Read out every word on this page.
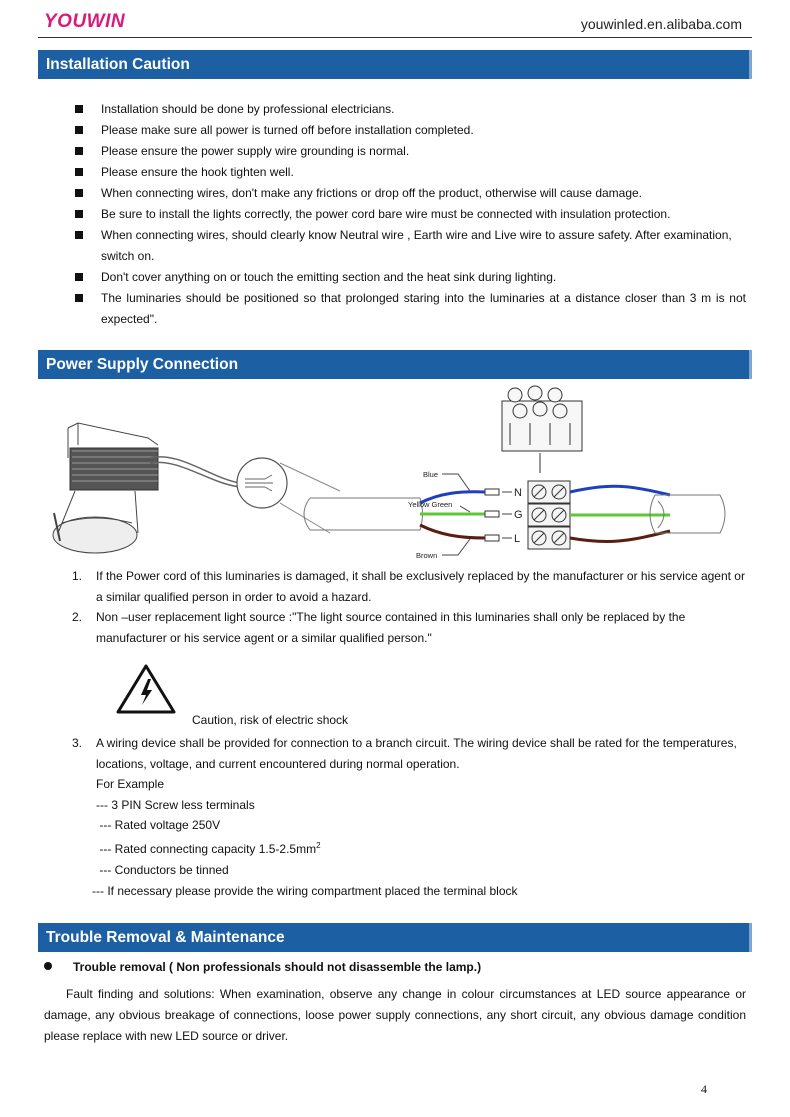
YOUWIN	youwinled.en.alibaba.com
Installation Caution
Installation should be done by professional electricians.
Please make sure all power is turned off before installation completed.
Please ensure the power supply wire grounding is normal.
Please ensure the hook tighten well.
When connecting wires, don't make any frictions or drop off the product, otherwise will cause damage.
Be sure to install the lights correctly, the power cord bare wire must be connected with insulation protection.
When connecting wires, should clearly know Neutral wire , Earth wire and Live wire to assure safety. After examination, switch on.
Don't cover anything on or touch the emitting section and the heat sink during lighting.
The luminaries should be positioned so that prolonged staring into the luminaries at a distance closer than 3 m is not expected".
Power Supply Connection
Blue
Yellow Green
Brown
N
G
L
1. If the Power cord of this luminaries is damaged, it shall be exclusively replaced by the manufacturer or his service agent or a similar qualified person in order to avoid a hazard.
2. Non –user replacement light source :"The light source contained in this luminaries shall only be replaced by the manufacturer or his service agent or a similar qualified person."
Caution, risk of electric shock
3. A wiring device shall be provided for connection to a branch circuit. The wiring device shall be rated for the temperatures, locations, voltage, and current encountered during normal operation.
For Example
--- 3 PIN Screw less terminals
--- Rated voltage 250V
--- Rated connecting capacity $1.5-2.5mm^2$
--- Conductors be tinned
--- If necessary please provide the wiring compartment placed the terminal block
Trouble Removal & Maintenance
Trouble removal ( Non professionals should not disassemble the lamp.)
Fault finding and solutions: When examination, observe any change in colour circumstances at LED source appearance or damage, any obvious breakage of connections, loose power supply connections, any short circuit, any obvious damage condition please replace with new LED source or driver.
4
